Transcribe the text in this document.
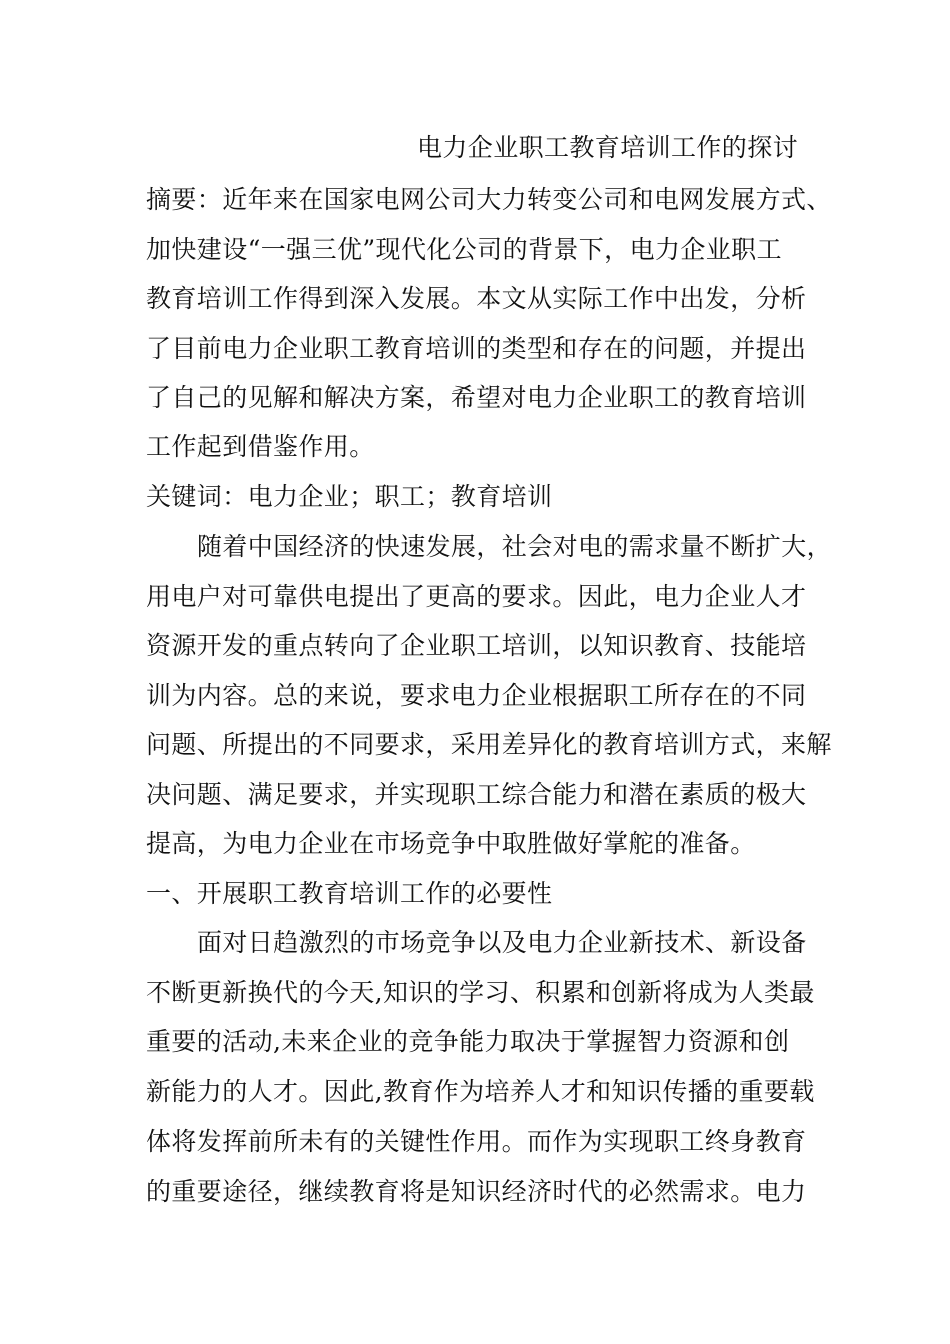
电力企业职工教育培训工作的探讨
摘要：近年来在国家电网公司大力转变公司和电网发展方式、
加快建设“一强三优”现代化公司的背景下，电力企业职工
教育培训工作得到深入发展。本文从实际工作中出发，分析
了目前电力企业职工教育培训的类型和存在的问题，并提出
了自己的见解和解决方案，希望对电力企业职工的教育培训
工作起到借鉴作用。
关键词：电力企业；职工；教育培训
随着中国经济的快速发展，社会对电的需求量不断扩大，
用电户对可靠供电提出了更高的要求。因此，电力企业人才
资源开发的重点转向了企业职工培训，以知识教育、技能培
训为内容。总的来说，要求电力企业根据职工所存在的不同
问题、所提出的不同要求，采用差异化的教育培训方式，来解
决问题、满足要求，并实现职工综合能力和潜在素质的极大
提高，为电力企业在市场竞争中取胜做好掌舵的准备。
一、开展职工教育培训工作的必要性
面对日趋激烈的市场竞争以及电力企业新技术、新设备
不断更新换代的今天,知识的学习、积累和创新将成为人类最
重要的活动,未来企业的竞争能力取决于掌握智力资源和创
新能力的人才。因此,教育作为培养人才和知识传播的重要载
体将发挥前所未有的关键性作用。而作为实现职工终身教育
的重要途径，继续教育将是知识经济时代的必然需求。电力
